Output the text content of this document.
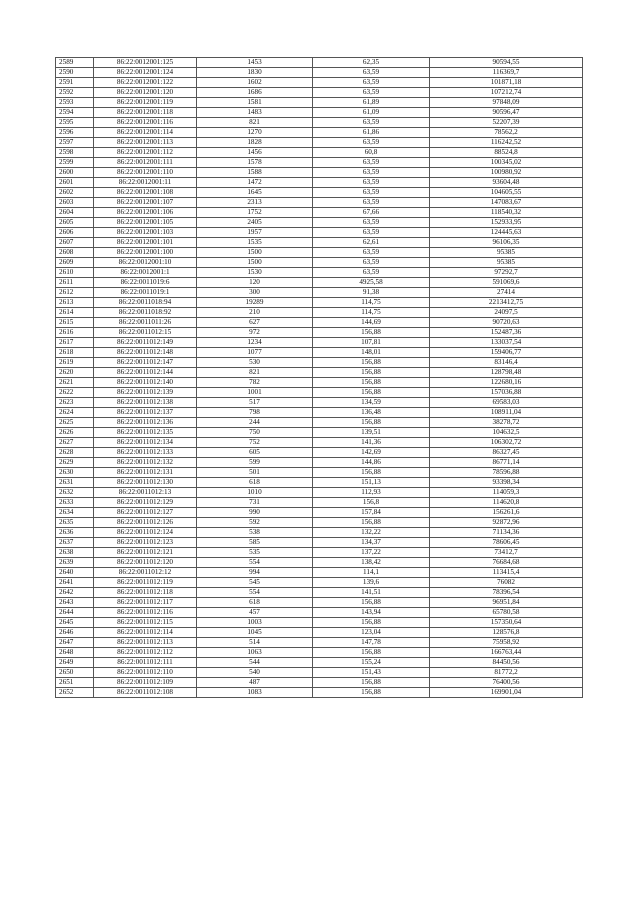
2589	86:22:0012001:125	1453	62,35	90594,55
2590	86:22:0012001:124	1830	63,59	116369,7
2591	86:22:0012001:122	1602	63,59	101871,18
2592	86:22:0012001:120	1686	63,59	107212,74
2593	86:22:0012001:119	1581	61,89	97848,09
2594	86:22:0012001:118	1483	61,09	90596,47
2595	86:22:0012001:116	821	63,59	52207,39
2596	86:22:0012001:114	1270	61,86	78562,2
2597	86:22:0012001:113	1828	63,59	116242,52
2598	86:22:0012001:112	1456	60,8	88524,8
2599	86:22:0012001:111	1578	63,59	100345,02
2600	86:22:0012001:110	1588	63,59	100980,92
2601	86:22:0012001:11	1472	63,59	93604,48
2602	86:22:0012001:108	1645	63,59	104605,55
2603	86:22:0012001:107	2313	63,59	147083,67
2604	86:22:0012001:106	1752	67,66	118540,32
2605	86:22:0012001:105	2405	63,59	152933,95
2606	86:22:0012001:103	1957	63,59	124445,63
2607	86:22:0012001:101	1535	62,61	96106,35
2608	86:22:0012001:100	1500	63,59	95385
2609	86:22:0012001:10	1500	63,59	95385
2610	86:22:0012001:1	1530	63,59	97292,7
2611	86:22:0011019:6	120	4925,58	591069,6
2612	86:22:0011019:1	300	91,38	27414
2613	86:22:0011018:94	19289	114,75	2213412,75
2614	86:22:0011018:92	210	114,75	24097,5
2615	86:22:0011011:26	627	144,69	90720,63
2616	86:22:0011012:15	972	156,88	152487,36
2617	86:22:0011012:149	1234	107,81	133037,54
2618	86:22:0011012:148	1077	148,01	159406,77
2619	86:22:0011012:147	530	156,88	83146,4
2620	86:22:0011012:144	821	156,88	128798,48
2621	86:22:0011012:140	782	156,88	122680,16
2622	86:22:0011012:139	1001	156,88	157036,88
2623	86:22:0011012:138	517	134,59	69583,03
2624	86:22:0011012:137	798	136,48	108911,04
2625	86:22:0011012:136	244	156,88	38278,72
2626	86:22:0011012:135	750	139,51	104632,5
2627	86:22:0011012:134	752	141,36	106302,72
2628	86:22:0011012:133	605	142,69	86327,45
2629	86:22:0011012:132	599	144,86	86771,14
2630	86:22:0011012:131	501	156,88	78596,88
2631	86:22:0011012:130	618	151,13	93398,34
2632	86:22:0011012:13	1010	112,93	114059,3
2633	86:22:0011012:129	731	156,8	114620,8
2634	86:22:0011012:127	990	157,84	156261,6
2635	86:22:0011012:126	592	156,88	92872,96
2636	86:22:0011012:124	538	132,22	71134,36
2637	86:22:0011012:123	585	134,37	78606,45
2638	86:22:0011012:121	535	137,22	73412,7
2639	86:22:0011012:120	554	138,42	76684,68
2640	86:22:0011012:12	994	114,1	113415,4
2641	86:22:0011012:119	545	139,6	76082
2642	86:22:0011012:118	554	141,51	78396,54
2643	86:22:0011012:117	618	156,88	96951,84
2644	86:22:0011012:116	457	143,94	65780,58
2645	86:22:0011012:115	1003	156,88	157350,64
2646	86:22:0011012:114	1045	123,04	128576,8
2647	86:22:0011012:113	514	147,78	75958,92
2648	86:22:0011012:112	1063	156,88	166763,44
2649	86:22:0011012:111	544	155,24	84450,56
2650	86:22:0011012:110	540	151,43	81772,2
2651	86:22:0011012:109	487	156,88	76400,56
2652	86:22:0011012:108	1083	156,88	169901,04
